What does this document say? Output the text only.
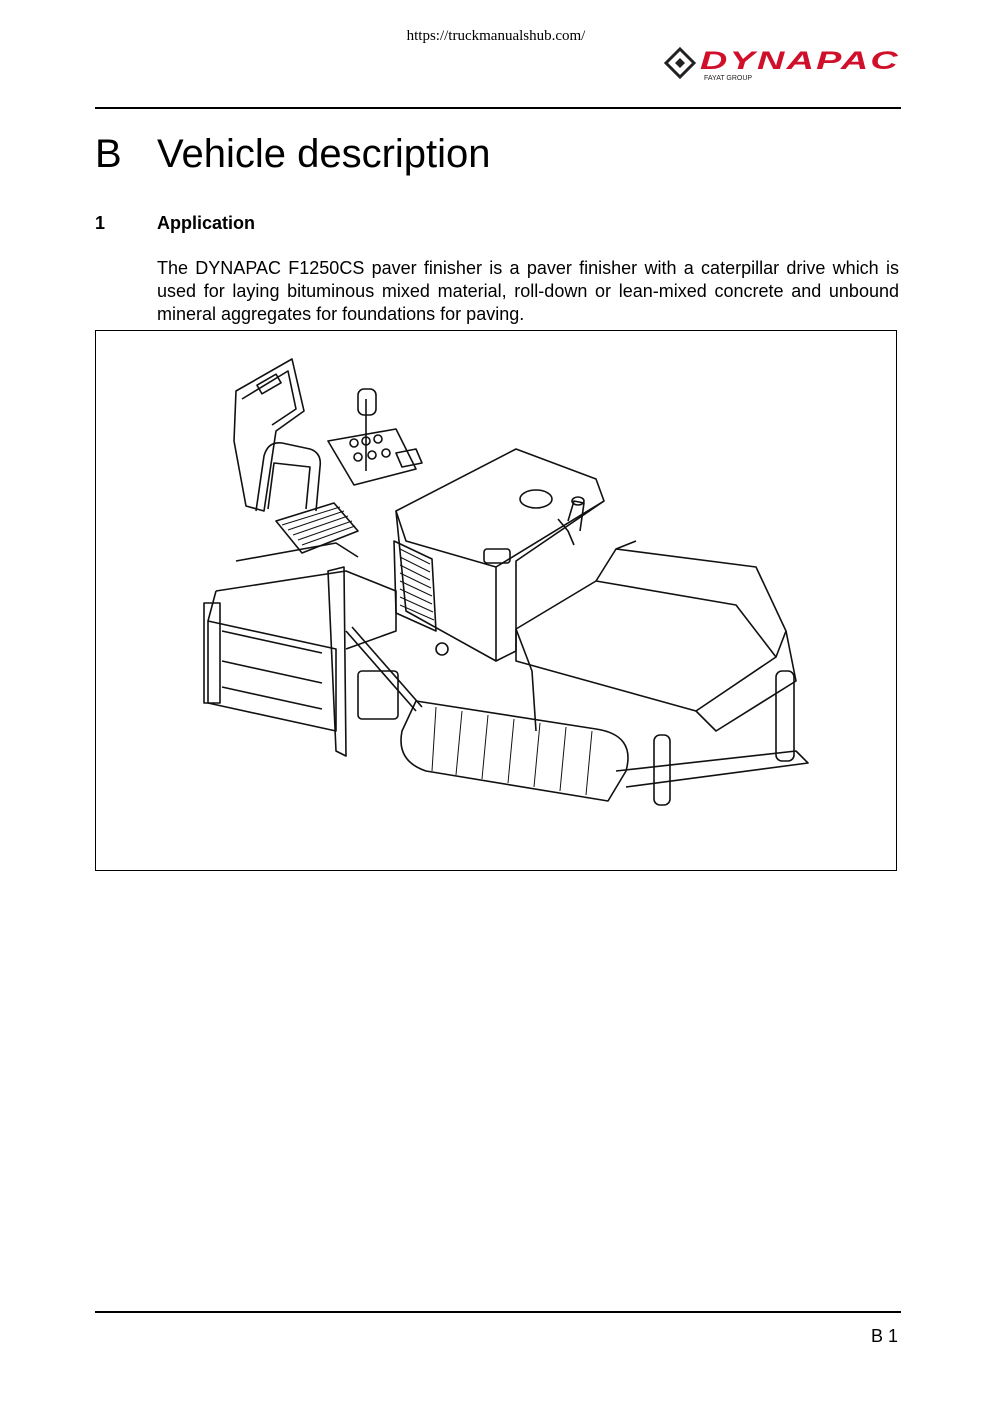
https://truckmanualshub.com/
DYNAPAC
FAYAT GROUP
B Vehicle description
1	Application
The DYNAPAC F1250CS paver finisher is a paver finisher with a caterpillar drive which is used for laying bituminous mixed material, roll-down or lean-mixed concrete and unbound mineral aggregates for foundations for paving.
B 1
